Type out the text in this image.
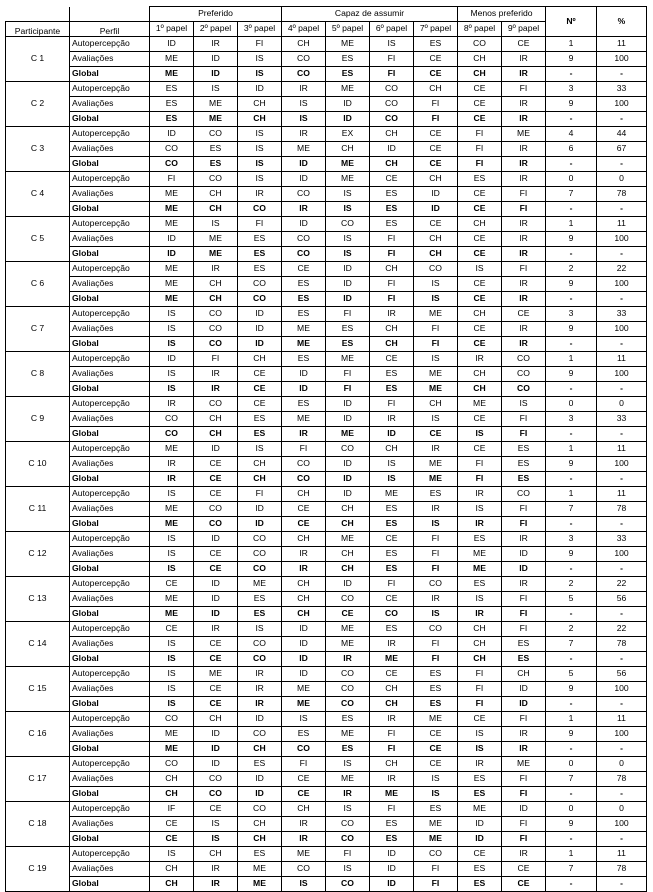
		Preferido			Capaz de assumir				Menos preferido		Nº	%
Participante	Perfil	1º papel	2º papel	3º papel	4º papel	5º papel	6º papel	7º papel	8º papel	9º papel		
C 1	Autopercepção	ID	IR	FI	CH	ME	IS	ES	CO	CE	1	11
	Avaliações	ME	ID	IS	CO	ES	FI	CE	CH	IR	9	100
	Global	ME	ID	IS	CO	ES	FI	CE	CH	IR	-	-
C 2	Autopercepção	ES	IS	ID	IR	ME	CO	CH	CE	FI	3	33
	Avaliações	ES	ME	CH	IS	ID	CO	FI	CE	IR	9	100
	Global	ES	ME	CH	IS	ID	CO	FI	CE	IR	-	-
C 3	Autopercepção	ID	CO	IS	IR	EX	CH	CE	FI	ME	4	44
	Avaliações	CO	ES	IS	ME	CH	ID	CE	FI	IR	6	67
	Global	CO	ES	IS	ID	ME	CH	CE	FI	IR	-	-
C 4	Autopercepção	FI	CO	IS	ID	ME	CE	CH	ES	IR	0	0
	Avaliações	ME	CH	IR	CO	IS	ES	ID	CE	FI	7	78
	Global	ME	CH	CO	IR	IS	ES	ID	CE	FI	-	-
C 5	Autopercepção	ME	IS	FI	ID	CO	ES	CE	CH	IR	1	11
	Avaliações	ID	ME	ES	CO	IS	FI	CH	CE	IR	9	100
	Global	ID	ME	ES	CO	IS	FI	CH	CE	IR	-	-
C 6	Autopercepção	ME	IR	ES	CE	ID	CH	CO	IS	FI	2	22
	Avaliações	ME	CH	CO	ES	ID	FI	IS	CE	IR	9	100
	Global	ME	CH	CO	ES	ID	FI	IS	CE	IR	-	-
C 7	Autopercepção	IS	CO	ID	ES	FI	IR	ME	CH	CE	3	33
	Avaliações	IS	CO	ID	ME	ES	CH	FI	CE	IR	9	100
	Global	IS	CO	ID	ME	ES	CH	FI	CE	IR	-	-
C 8	Autopercepção	ID	FI	CH	ES	ME	CE	IS	IR	CO	1	11
	Avaliações	IS	IR	CE	ID	FI	ES	ME	CH	CO	9	100
	Global	IS	IR	CE	ID	FI	ES	ME	CH	CO	-	-
C 9	Autopercepção	IR	CO	CE	ES	ID	FI	CH	ME	IS	0	0
	Avaliações	CO	CH	ES	ME	ID	IR	IS	CE	FI	3	33
	Global	CO	CH	ES	IR	ME	ID	CE	IS	FI	-	-
C 10	Autopercepção	ME	ID	IS	FI	CO	CH	IR	CE	ES	1	11
	Avaliações	IR	CE	CH	CO	ID	IS	ME	FI	ES	9	100
	Global	IR	CE	CH	CO	ID	IS	ME	FI	ES	-	-
C 11	Autopercepção	IS	CE	FI	CH	ID	ME	ES	IR	CO	1	11
	Avaliações	ME	CO	ID	CE	CH	ES	IR	IS	FI	7	78
	Global	ME	CO	ID	CE	CH	ES	IS	IR	FI	-	-
C 12	Autopercepção	IS	ID	CO	CH	ME	CE	FI	ES	IR	3	33
	Avaliações	IS	CE	CO	IR	CH	ES	FI	ME	ID	9	100
	Global	IS	CE	CO	IR	CH	ES	FI	ME	ID	-	-
C 13	Autopercepção	CE	ID	ME	CH	ID	FI	CO	ES	IR	2	22
	Avaliações	ME	ID	ES	CH	CO	CE	IR	IS	FI	5	56
	Global	ME	ID	ES	CH	CE	CO	IS	IR	FI	-	-
C 14	Autopercepção	CE	IR	IS	ID	ME	ES	CO	CH	FI	2	22
	Avaliações	IS	CE	CO	ID	ME	IR	FI	CH	ES	7	78
	Global	IS	CE	CO	ID	IR	ME	FI	CH	ES	-	-
C 15	Autopercepção	IS	ME	IR	ID	CO	CE	ES	FI	CH	5	56
	Avaliações	IS	CE	IR	ME	CO	CH	ES	FI	ID	9	100
	Global	IS	CE	IR	ME	CO	CH	ES	FI	ID	-	-
C 16	Autopercepção	CO	CH	ID	IS	ES	IR	ME	CE	FI	1	11
	Avaliações	ME	ID	CO	ES	ME	FI	CE	IS	IR	9	100
	Global	ME	ID	CH	CO	ES	FI	CE	IS	IR	-	-
C 17	Autopercepção	CO	ID	ES	FI	IS	CH	CE	IR	ME	0	0
	Avaliações	CH	CO	ID	CE	ME	IR	IS	ES	FI	7	78
	Global	CH	CO	ID	CE	IR	ME	IS	ES	FI	-	-
C 18	Autopercepção	IF	CE	CO	CH	IS	FI	ES	ME	ID	0	0
	Avaliações	CE	IS	CH	IR	CO	ES	ME	ID	FI	9	100
	Global	CE	IS	CH	IR	CO	ES	ME	ID	FI	-	-
C 19	Autopercepção	IS	CH	ES	ME	FI	ID	CO	CE	IR	1	11
	Avaliações	CH	IR	ME	CO	IS	ID	FI	ES	CE	7	78
	Global	CH	IR	ME	IS	CO	ID	FI	ES	CE	-	-
